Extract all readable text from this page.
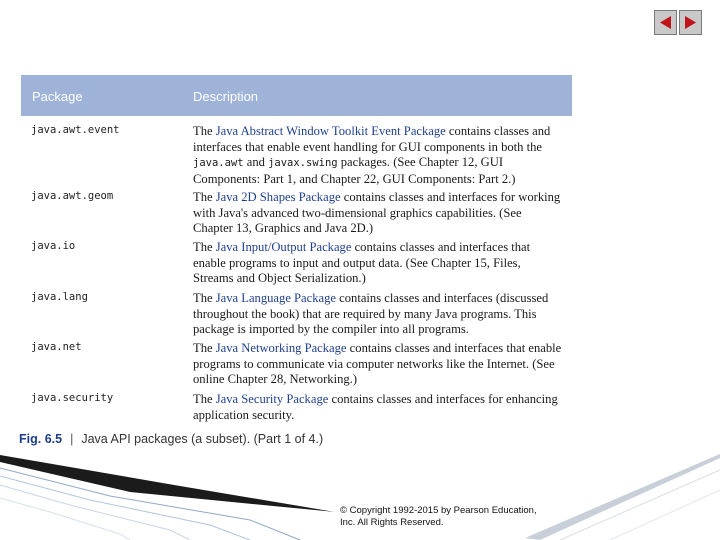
Package	Description
java.awt.event	The Java Abstract Window Toolkit Event Package contains classes and interfaces that enable event handling for GUI components in both the java.awt and javax.swing packages. (See Chapter 12, GUI Components: Part 1, and Chapter 22, GUI Components: Part 2.)
java.awt.geom	The Java 2D Shapes Package contains classes and interfaces for working with Java's advanced two-dimensional graphics capabilities. (See Chapter 13, Graphics and Java 2D.)
java.io	The Java Input/Output Package contains classes and interfaces that enable programs to input and output data. (See Chapter 15, Files, Streams and Object Serialization.)
java.lang	The Java Language Package contains classes and interfaces (discussed throughout the book) that are required by many Java programs. This package is imported by the compiler into all programs.
java.net	The Java Networking Package contains classes and interfaces that enable programs to communicate via computer networks like the Internet. (See online Chapter 28, Networking.)
java.security	The Java Security Package contains classes and interfaces for enhancing application security.
Fig. 6.5 | Java API packages (a subset). (Part 1 of 4.)
© Copyright 1992-2015 by Pearson Education, Inc. All Rights Reserved.
